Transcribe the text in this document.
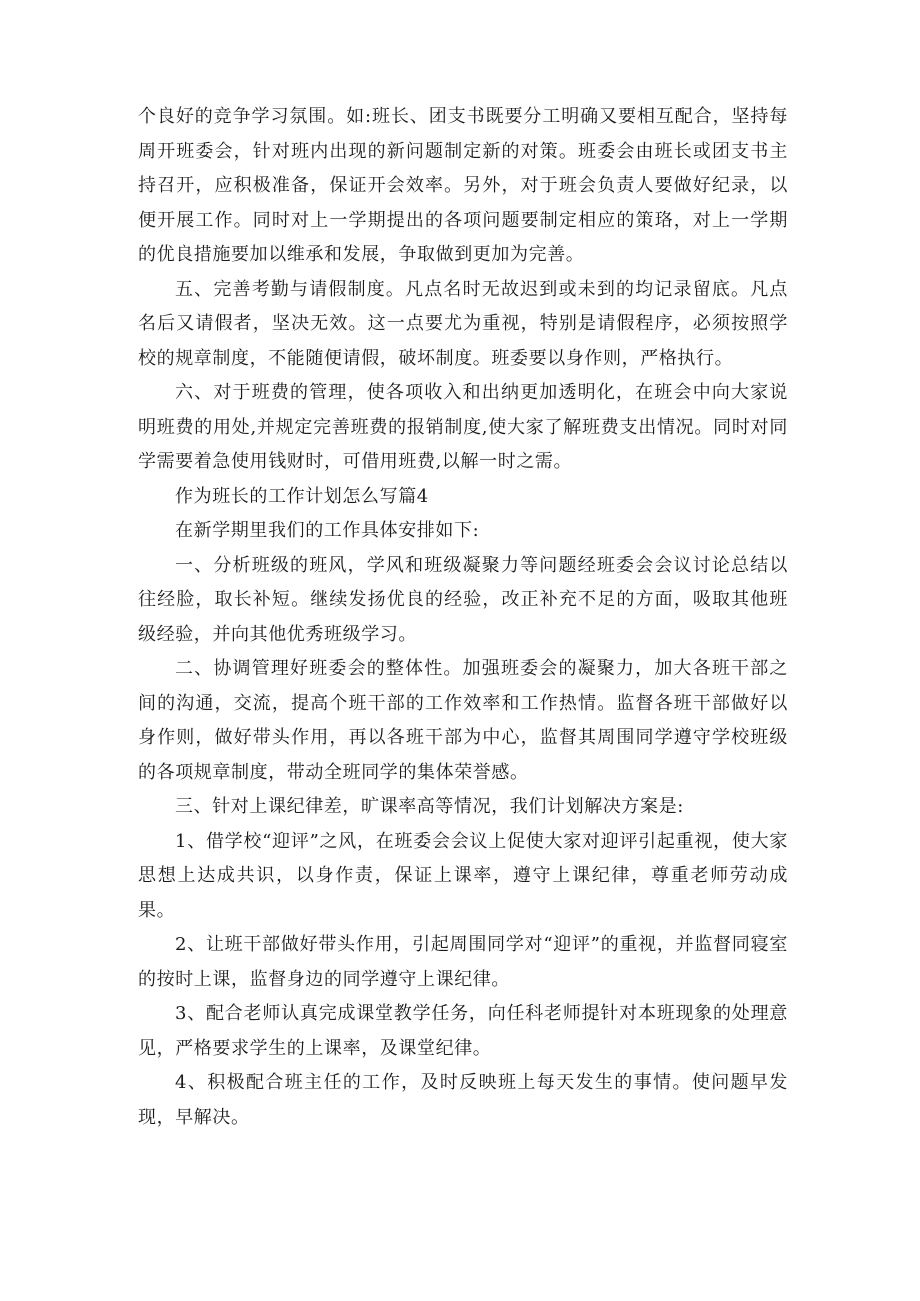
个良好的竞争学习氛围。如:班长、团支书既要分工明确又要相互配合，坚持每周开班委会，针对班内出现的新问题制定新的对策。班委会由班长或团支书主持召开，应积极准备，保证开会效率。另外，对于班会负责人要做好纪录，以便开展工作。同时对上一学期提出的各项问题要制定相应的策珞，对上一学期的优良措施要加以维承和发展，争取做到更加为完善。

五、完善考勤与请假制度。凡点名时无故迟到或未到的均记录留底。凡点名后又请假者，坚决无效。这一点要尤为重视，特别是请假程序，必须按照学校的规章制度，不能随便请假，破坏制度。班委要以身作则，严格执行。

六、对于班费的管理，使各项收入和出纳更加透明化，在班会中向大家说明班费的用处,并规定完善班费的报销制度,使大家了解班费支出情况。同时对同学需要着急使用钱财时，可借用班费,以解一时之需。

作为班长的工作计划怎么写篇4

在新学期里我们的工作具体安排如下:

一、分析班级的班风，学风和班级凝聚力等问题经班委会会议讨论总结以往经脸，取长补短。继续发扬优良的经验，改正补充不足的方面，吸取其他班级经验，并向其他优秀班级学习。

二、协调管理好班委会的整体性。加强班委会的凝聚力，加大各班干部之间的沟通，交流，提高个班干部的工作效率和工作热情。监督各班干部做好以身作则，做好带头作用，再以各班干部为中心，监督其周围同学遵守学校班级的各项规章制度，带动全班同学的集体荣誉感。

三、针对上课纪律差，旷课率高等情况，我们计划解决方案是:

1、借学校“迎评”之风，在班委会会议上促使大家对迎评引起重视，使大家思想上达成共识，以身作责，保证上课率，遵守上课纪律，尊重老师劳动成果。

2、让班干部做好带头作用，引起周围同学对“迎评”的重视，并监督同寝室的按时上课，监督身边的同学遵守上课纪律。

3、配合老师认真完成课堂教学任务，向任科老师提针对本班现象的处理意见，严格要求学生的上课率，及课堂纪律。

4、积极配合班主任的工作，及时反映班上每天发生的事情。使问题早发现，早解决。
